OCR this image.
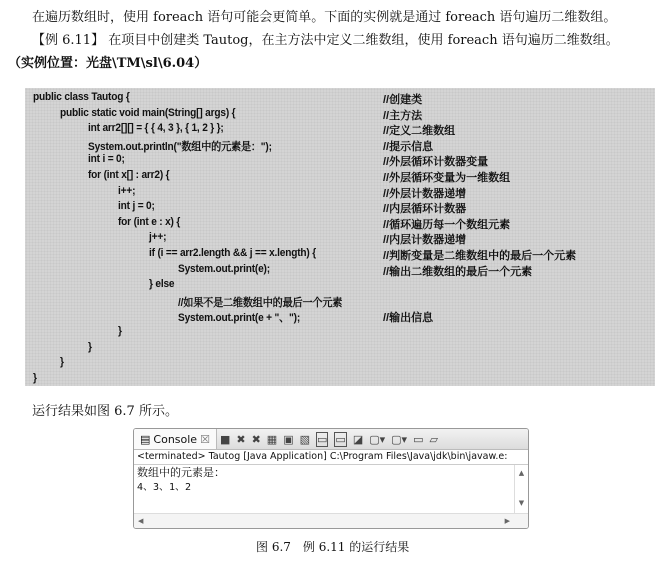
在遍历数组时，使用 foreach 语句可能会更简单。下面的实例就是通过 foreach 语句遍历二维数组。
【例 6.11】 在项目中创建类 Tautog，在主方法中定义二维数组，使用 foreach 语句遍历二维数组。
（实例位置：光盘\TM\sl\6.04）
public class Tautog {	//创建类
public static void main(String[] args) {	//主方法
int arr2[][] = { { 4, 3 }, { 1, 2 } };	//定义二维数组
System.out.println("数组中的元素是：");	//提示信息
int i = 0;	//外层循环计数器变量
for (int x[] : arr2) {	//外层循环变量为一维数组
i++;	//外层计数器递增
int j = 0;	//内层循环计数器
for (int e : x) {	//循环遍历每一个数组元素
j++;	//内层计数器递增
if (i == arr2.length && j == x.length) {	//判断变量是二维数组中的最后一个元素
System.out.print(e);	//输出二维数组的最后一个元素
} else
//如果不是二维数组中的最后一个元素
System.out.print(e + "、");	//输出信息
}
}
}
}
运行结果如图 6.7 所示。
▤ Console ☒ ■ ✖ ✖ ▦ ▣ ▧ ▭ ▭ ◪ ▢▾ ▢▾ ▭ ▱
<terminated> Tautog [Java Application] C:\Program Files\Java\jdk\bin\javaw.e:
数组中的元素是：
4、3、1、2
▲
▼
◀	▶
图 6.7　例 6.11 的运行结果
